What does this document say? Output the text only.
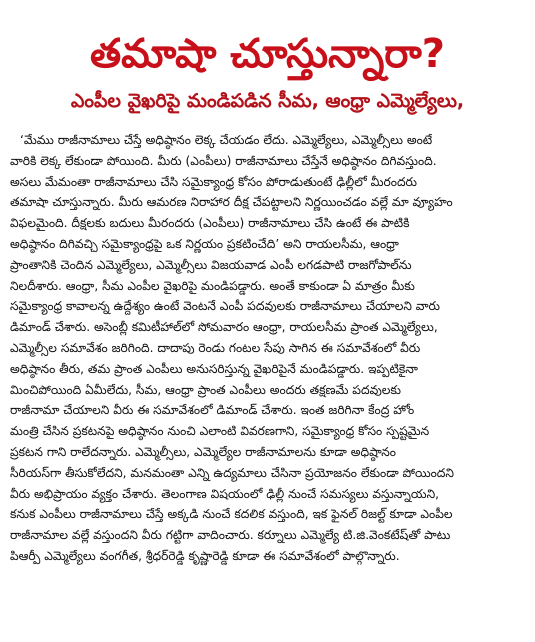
తమాషా చూస్తున్నారా?
ఎంపీల వైఖరిపై మండిపడిన సీమ, ఆంధ్రా ఎమ్మెల్యేలు,
‘మేము రాజీనామాలు చేస్తే అధిష్ఠానం లెక్క చేయడం లేదు. ఎమ్మెల్యేలు, ఎమ్మెల్సీలు అంటే
వారికి లెక్క లేకుండా పోయింది. మీరు (ఎంపీలు) రాజీనామాలు చేస్తేనే అధిష్ఠానం దిగివస్తుంది.
అసలు మేమంతా రాజీనామాలు చేసి సమైక్యాంధ్ర కోసం పోరాడుతుంటే ఢిల్లీలో మీరందరు
తమాషా చూస్తున్నారు. మీరు ఆమరణ నిరాహార దీక్ష చేపట్టాలని నిర్ణయించడం వల్లే మా వ్యూహం
విఫలమైంది. దీక్షలకు బదులు మీరందరు (ఎంపీలు) రాజీనామాలు చేసి ఉంటే ఈ పాటికి
అధిష్ఠానం దిగివచ్చి సమైక్యాంధ్రపై ఒక నిర్ణయం ప్రకటించేది’ అని రాయలసీమ, ఆంధ్రా
ప్రాంతానికి చెందిన ఎమ్మెల్యేలు, ఎమ్మెల్సీలు విజయవాడ ఎంపీ లగడపాటి రాజగోపాల్‌ను
నిలదీశారు. ఆంధ్రా, సీమ ఎంపీల వైఖరిపై మండిపడ్డారు. అంతే కాకుండా ఏ మాత్రం మీకు
సమైక్యాంధ్ర కావాలన్న ఉద్దేశ్యం ఉంటే వెంటనే ఎంపీ పదవులకు రాజీనామాలు చేయాలని వారు
డిమాండ్ చేశారు. అసెంబ్లీ కమిటీహాల్‌లో సోమవారం ఆంధ్రా, రాయలసీమ ప్రాంత ఎమ్మెల్యేలు,
ఎమ్మెల్సీల సమావేశం జరిగింది. దాదాపు రెండు గంటల సేపు సాగిన ఈ సమావేశంలో వీరు
అధిష్ఠానం తీరు, తమ ప్రాంత ఎంపీలు అనుసరిస్తున్న వైఖరిపైనే మండిపడ్డారు. ఇప్పటికైనా
మించిపోయింది ఏమీలేదు, సీమ, ఆంధ్రా ప్రాంత ఎంపీలు అందరు తక్షణమే పదవులకు
రాజీనామా చేయాలని వీరు ఈ సమావేశంలో డిమాండ్ చేశారు. ఇంత జరిగినా కేంద్ర హోం
మంత్రి చేసిన ప్రకటనపై అధిష్ఠానం నుంచి ఎలాంటి వివరణగాని, సమైక్యాంధ్ర కోసం స్పష్టమైన
ప్రకటన గాని రాలేదన్నారు. ఎమ్మెల్సీలు, ఎమ్మెల్యేల రాజీనామాలను కూడా అధిష్ఠానం
సీరియస్‌గా తీసుకోలేదని, మనమంతా ఎన్ని ఉద్యమాలు చేసినా ప్రయోజనం లేకుండా పోయిందని
వీరు అభిప్రాయం వ్యక్తం చేశారు. తెలంగాణ విషయంలో ఢిల్లీ నుంచే సమస్యలు వస్తున్నాయని,
కనుక ఎంపీలు రాజీనామాలు చేస్తే అక్కడి నుంచే కదలిక వస్తుంది, ఇక ఫైనల్ రిజల్ట్ కూడా ఎంపీల
రాజీనామాల వల్లే వస్తుందని వీరు గట్టిగా వాదించారు. కర్నూలు ఎమ్మెల్యే టి.జి.వెంకటేష్‌తో పాటు
పిఆర్పీ ఎమ్మెల్యేలు వంగగీత, శ్రీధర్‌రెడ్డి కృష్ణారెడ్డి కూడా ఈ సమావేశంలో పాల్గొన్నారు.
